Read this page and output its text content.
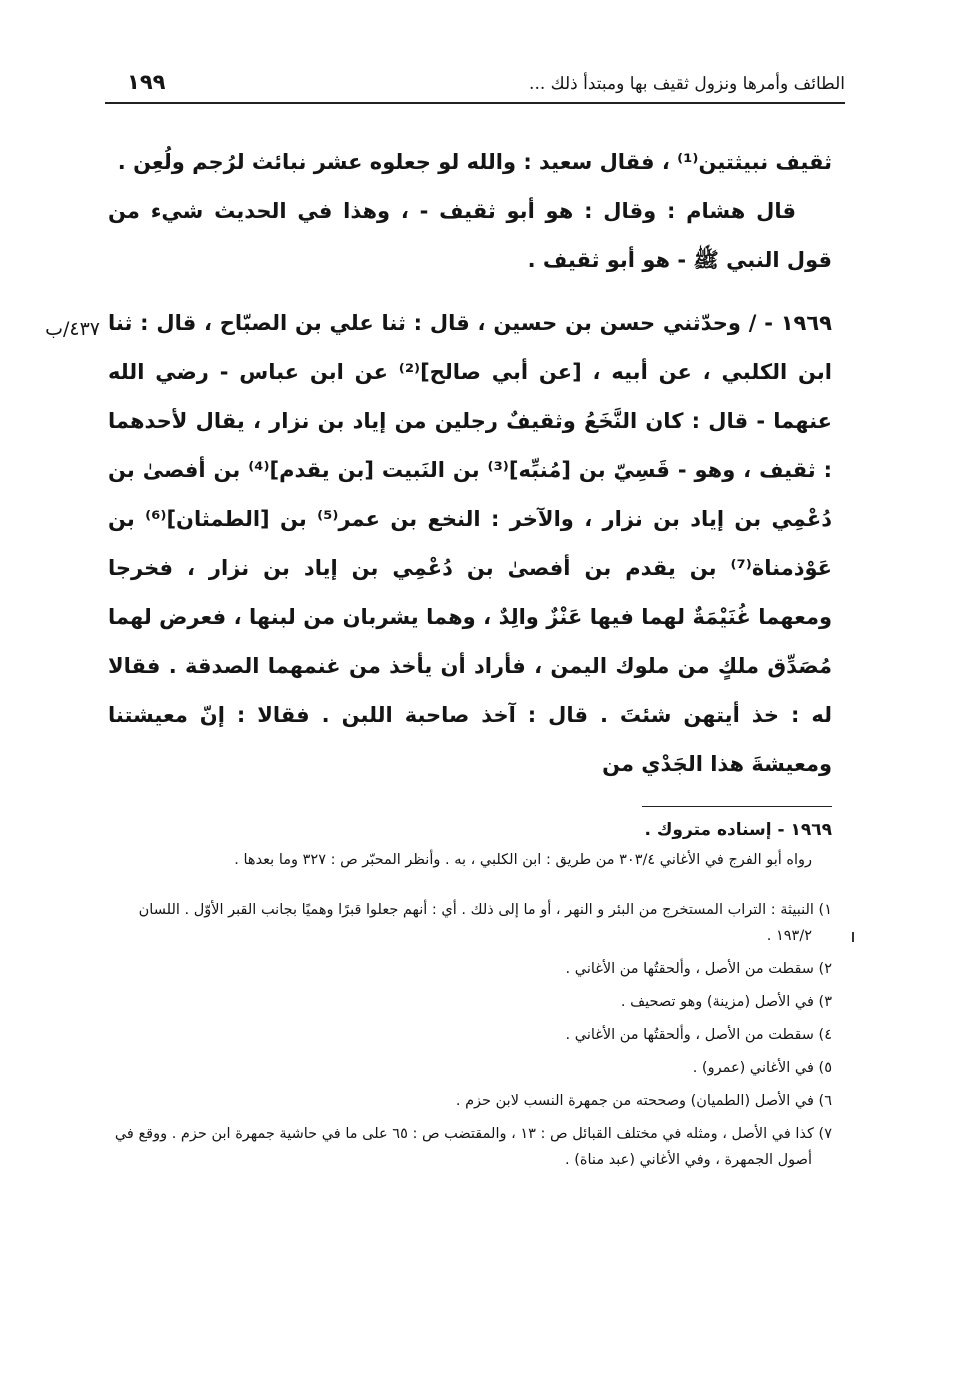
الطائف وأمرها ونزول ثقيف بها ومبتدأ ذلك ...
١٩٩

ثقيف نبيثتين⁽¹⁾ ، فقال سعيد : والله لو جعلوه عشر نبائث لرُجم ولُعِن .

قال هشام : وقال : هو أبو ثقيف - ، وهذا في الحديث شيء من قول النبي ﷺ - هو أبو ثقيف .

١٩٦٩ - / وحدّثني حسن بن حسين ، قال : ثنا علي بن الصبّاح ، قال : ثنا ابن الكلبي ، عن أبيه ، [عن أبي صالح]⁽²⁾ عن ابن عباس - رضي الله عنهما - قال : كان النَّخَعُ وثقيفٌ رجلين من إياد بن نزار ، يقال لأحدهما : ثقيف ، وهو - قَسِيّ بن [مُنبِّه]⁽³⁾ بن النَبيت [بن يقدم]⁽⁴⁾ بن أفصىٰ بن دُعْمِي بن إياد بن نزار ، والآخر : النخع بن عمر⁽⁵⁾ بن [الطمثان]⁽⁶⁾ بن عَوْذمناة⁽⁷⁾ بن يقدم بن أفصىٰ بن دُعْمِي بن إياد بن نزار ، فخرجا ومعهما غُنَيْمَةٌ لهما فيها عَنْزٌ والِدٌ ، وهما يشربان من لبنها ، فعرض لهما مُصَدِّق ملكٍ من ملوك اليمن ، فأراد أن يأخذ من غنمهما الصدقة . فقالا له : خذ أيتهن شئتَ . قال : آخذ صاحبة اللبن . فقالا : إنّ معيشتنا ومعيشةَ هذا الجَدْي من

٤٣٧/ب
١٩٦٩ - إسناده متروك .
رواه أبو الفرج في الأغاني ٣٠٣/٤ من طريق : ابن الكلبي ، به . وأنظر المحبّر ص : ٣٢٧ وما بعدها .
١) النبيثة : التراب المستخرج من البئر و النهر ، أو ما إلى ذلك . أي : أنهم جعلوا قبرًا وهميًا بجانب القبر الأوّل . اللسان ١٩٣/٢ .
٢) سقطت من الأصل ، وألحقتُها من الأغاني .
٣) في الأصل (مزينة) وهو تصحيف .
٤) سقطت من الأصل ، وألحقتُها من الأغاني .
٥) في الأغاني (عمرو) .
٦) في الأصل (الطميان) وصححته من جمهرة النسب لابن حزم .
٧) كذا في الأصل ، ومثله في مختلف القبائل ص : ١٣ ، والمقتضب ص : ٦٥ على ما في حاشية جمهرة ابن حزم . ووقع في أصول الجمهرة ، وفي الأغاني (عبد مناة) .
